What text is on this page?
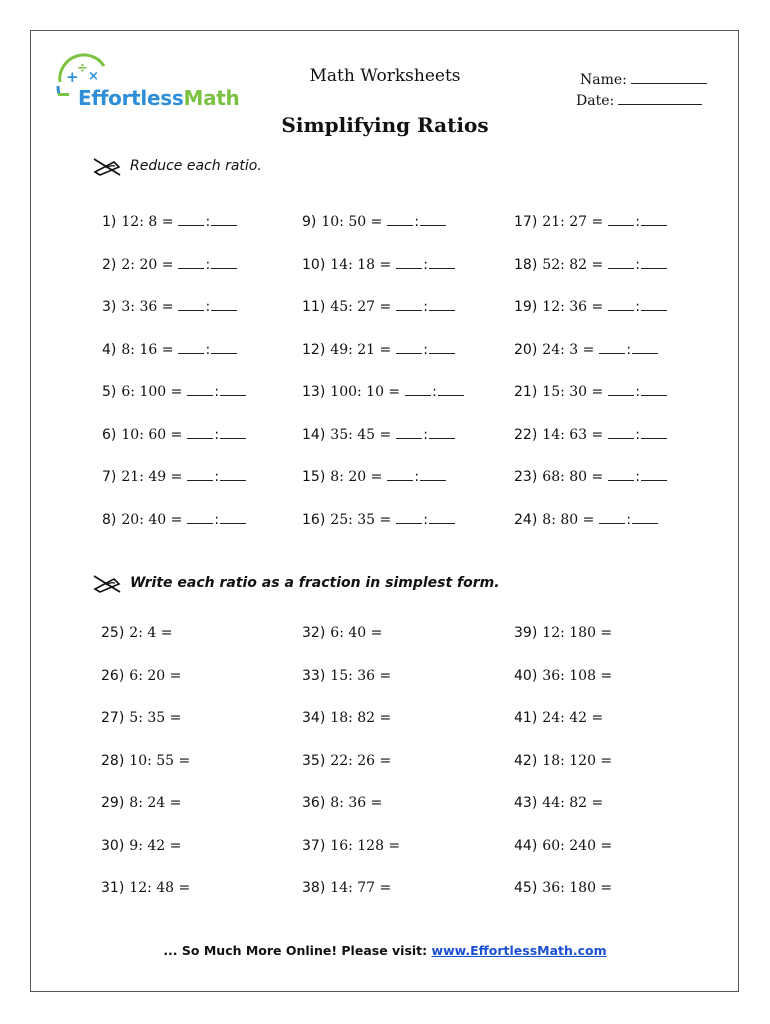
+
÷
×
EffortlessMath
Math Worksheets
Simplifying Ratios
Name:
Date:
Reduce each ratio.
Write each ratio as a fraction in simplest form.
1) 12: 8 = :
2) 2: 20 = :
3) 3: 36 = :
4) 8: 16 = :
5) 6: 100 = :
6) 10: 60 = :
7) 21: 49 = :
8) 20: 40 = :
9) 10: 50 = :
10) 14: 18 = :
11) 45: 27 = :
12) 49: 21 = :
13) 100: 10 = :
14) 35: 45 = :
15) 8: 20 = :
16) 25: 35 = :
17) 21: 27 = :
18) 52: 82 = :
19) 12: 36 = :
20) 24: 3 = :
21) 15: 30 = :
22) 14: 63 = :
23) 68: 80 = :
24) 8: 80 = :
25) 2: 4 =
26) 6: 20 =
27) 5: 35 =
28) 10: 55 =
29) 8: 24 =
30) 9: 42 =
31) 12: 48 =
32) 6: 40 =
33) 15: 36 =
34) 18: 82 =
35) 22: 26 =
36) 8: 36 =
37) 16: 128 =
38) 14: 77 =
39) 12: 180 =
40) 36: 108 =
41) 24: 42 =
42) 18: 120 =
43) 44: 82 =
44) 60: 240 =
45) 36: 180 =
... So Much More Online! Please visit: www.EffortlessMath.com
